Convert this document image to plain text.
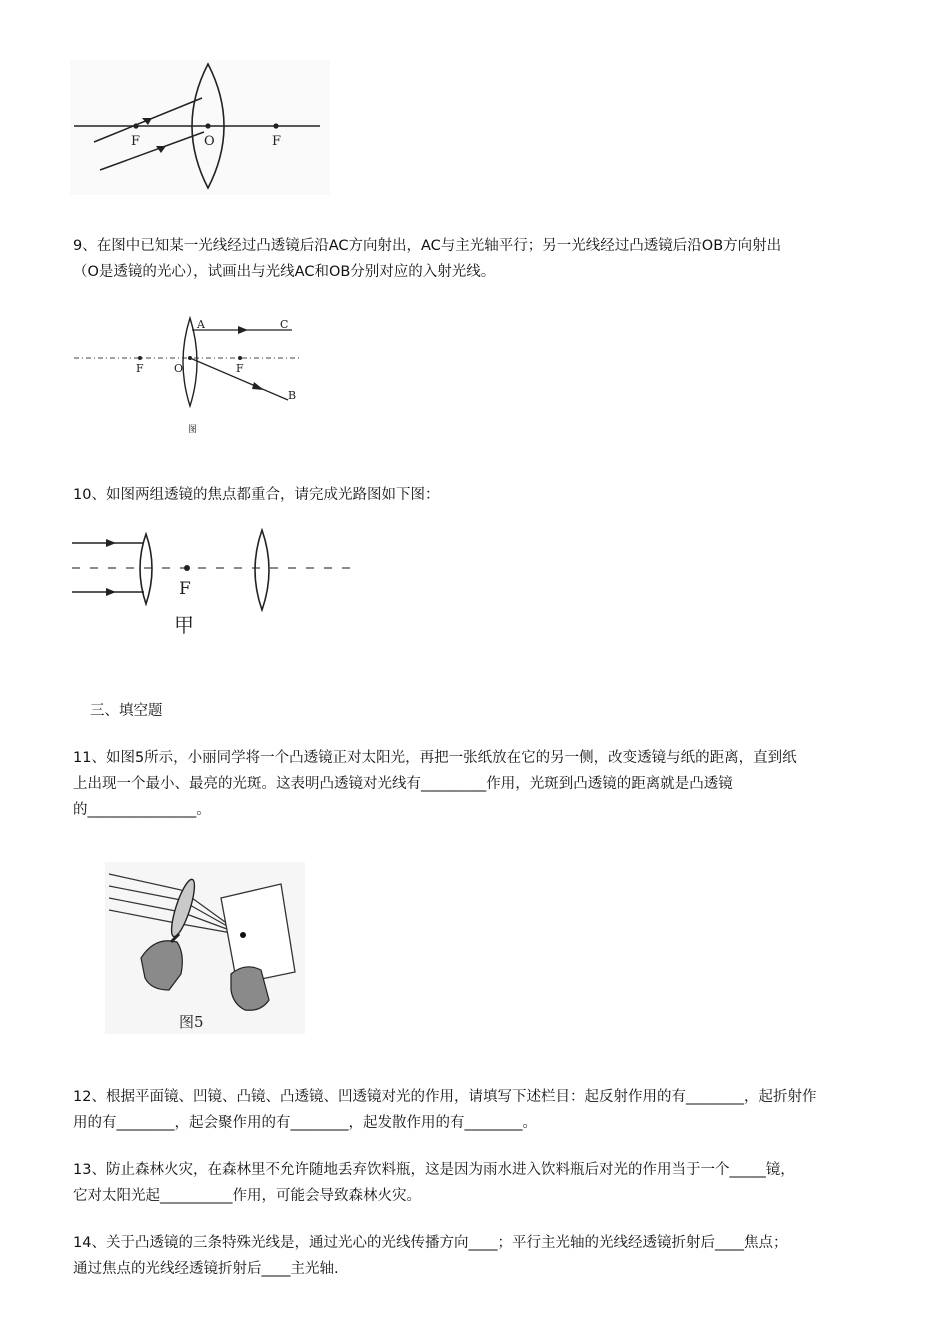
F	O	F
9、在图中已知某一光线经过凸透镜后沿AC方向射出，AC与主光轴平行；另一光线经过凸透镜后沿OB方向射出
（O是透镜的光心），试画出与光线AC和OB分别对应的入射光线。
A	C
F	O	F
B
图
10、如图两组透镜的焦点都重合，请完成光路图如下图：
F
甲
三、填空题
11、如图5所示，小丽同学将一个凸透镜正对太阳光，再把一张纸放在它的另一侧，改变透镜与纸的距离，直到纸
上出现一个最小、最亮的光斑。这表明凸透镜对光线有_________作用，光斑到凸透镜的距离就是凸透镜
的_______________。
图5
12、根据平面镜、凹镜、凸镜、凸透镜、凹透镜对光的作用，请填写下述栏目：起反射作用的有________，起折射作
用的有________，起会聚作用的有________，起发散作用的有________。
13、防止森林火灾，在森林里不允许随地丢弃饮料瓶，这是因为雨水进入饮料瓶后对光的作用当于一个_____镜，
它对太阳光起__________作用，可能会导致森林火灾。
14、关于凸透镜的三条特殊光线是，通过光心的光线传播方向____；平行主光轴的光线经透镜折射后____焦点；
通过焦点的光线经透镜折射后____主光轴.
